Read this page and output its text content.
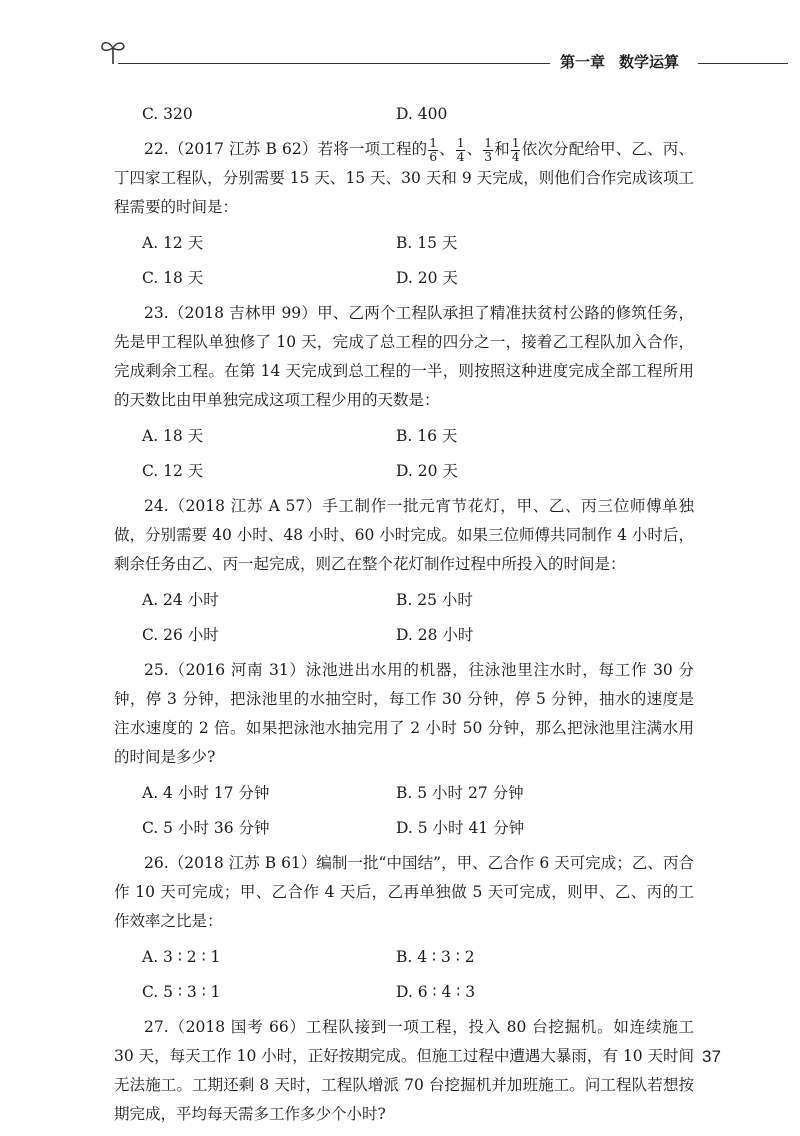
第一章 数学运算
C. 320	D. 400

22.（2017 江苏 B 62）若将一项工程的 $\frac{1}{6}$ 、 $\frac{1}{4}$ 、 $\frac{1}{3}$ 和 $\frac{1}{4}$ 依次分配给甲、乙、丙、丁四家工程队，分别需要 15 天、15 天、30 天和 9 天完成，则他们合作完成该项工程需要的时间是：

A. 12 天	B. 15 天
C. 18 天	D. 20 天

23.（2018 吉林甲 99）甲、乙两个工程队承担了精准扶贫村公路的修筑任务，先是甲工程队单独修了 10 天，完成了总工程的四分之一，接着乙工程队加入合作，完成剩余工程。在第 14 天完成到总工程的一半，则按照这种进度完成全部工程所用的天数比由甲单独完成这项工程少用的天数是：

A. 18 天	B. 16 天
C. 12 天	D. 20 天

24.（2018 江苏 A 57）手工制作一批元宵节花灯，甲、乙、丙三位师傅单独做，分别需要 40 小时、48 小时、60 小时完成。如果三位师傅共同制作 4 小时后，剩余任务由乙、丙一起完成，则乙在整个花灯制作过程中所投入的时间是：

A. 24 小时	B. 25 小时
C. 26 小时	D. 28 小时

25.（2016 河南 31）泳池进出水用的机器，往泳池里注水时，每工作 30 分钟，停 3 分钟，把泳池里的水抽空时，每工作 30 分钟，停 5 分钟，抽水的速度是注水速度的 2 倍。如果把泳池水抽完用了 2 小时 50 分钟，那么把泳池里注满水用的时间是多少?

A. 4 小时 17 分钟	B. 5 小时 27 分钟
C. 5 小时 36 分钟	D. 5 小时 41 分钟

26.（2018 江苏 B 61）编制一批“中国结”，甲、乙合作 6 天可完成；乙、丙合作 10 天可完成；甲、乙合作 4 天后，乙再单独做 5 天可完成，则甲、乙、丙的工作效率之比是：

A. 3 ∶ 2 ∶ 1	B. 4 ∶ 3 ∶ 2
C. 5 ∶ 3 ∶ 1	D. 6 ∶ 4 ∶ 3

27.（2018 国考 66）工程队接到一项工程，投入 80 台挖掘机。如连续施工 30 天，每天工作 10 小时，正好按期完成。但施工过程中遭遇大暴雨，有 10 天时间无法施工。工期还剩 8 天时，工程队增派 70 台挖掘机并加班施工。问工程队若想按期完成，平均每天需多工作多少个小时?

37
